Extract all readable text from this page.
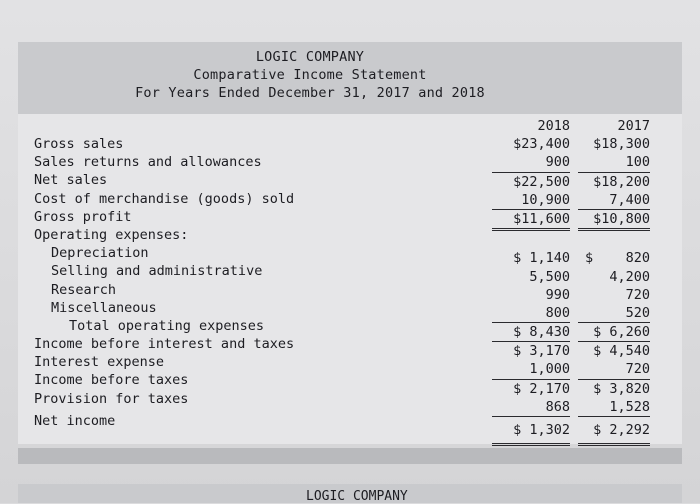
LOGIC COMPANY
LOGIC COMPANY
Comparative Income Statement
For Years Ended December 31, 2017 and 2018
Gross sales
Sales returns and allowances
Net sales
Cost of merchandise (goods) sold
Gross profit
Operating expenses:
Depreciation
Selling and administrative
Research
Miscellaneous
Total operating expenses
Income before interest and taxes
Interest expense
Income before taxes
Provision for taxes
Net income
2018
$23,400
900
$22,500
10,900
$11,600
$ 1,140
5,500
990
800
$ 8,430
$ 3,170
1,000
$ 2,170
868
$ 1,302
2017
$18,300
100
$18,200
7,400
$10,800
$    820
4,200
720
520
$ 6,260
$ 4,540
720
$ 3,820
1,528
$ 2,292
